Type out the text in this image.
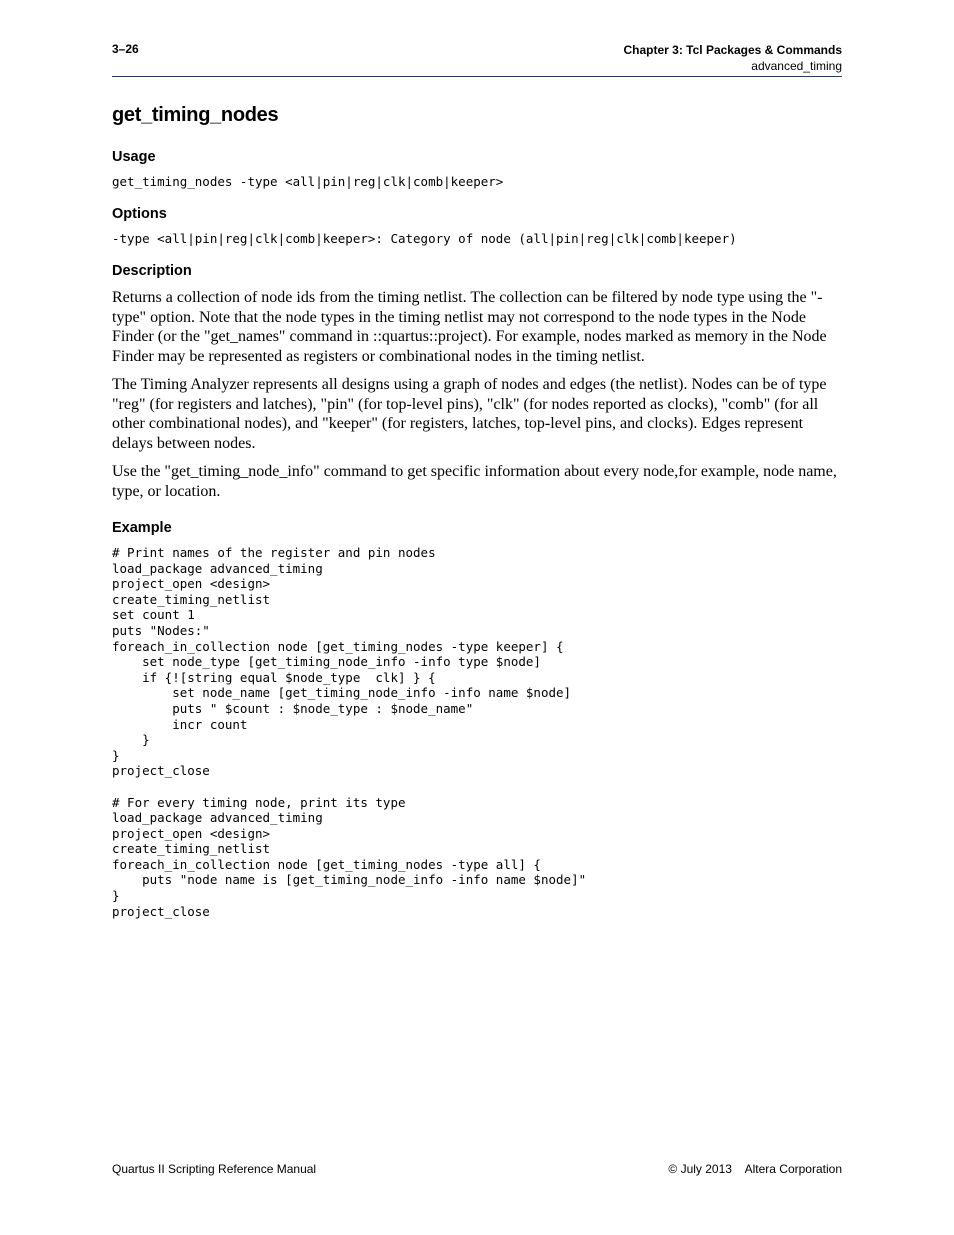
3–26	Chapter 3: Tcl Packages & Commands
advanced_timing
get_timing_nodes
Usage
get_timing_nodes -type <all|pin|reg|clk|comb|keeper>
Options
-type <all|pin|reg|clk|comb|keeper>: Category of node (all|pin|reg|clk|comb|keeper)
Description

Returns a collection of node ids from the timing netlist. The collection can be filtered by node type using the "-type" option. Note that the node types in the timing netlist may not correspond to the node types in the Node Finder (or the "get_names" command in ::quartus::project). For example, nodes marked as memory in the Node Finder may be represented as registers or combinational nodes in the timing netlist.

The Timing Analyzer represents all designs using a graph of nodes and edges (the netlist). Nodes can be of type "reg" (for registers and latches), "pin" (for top-level pins), "clk" (for nodes reported as clocks), "comb" (for all other combinational nodes), and "keeper" (for registers, latches, top-level pins, and clocks). Edges represent delays between nodes.

Use the "get_timing_node_info" command to get specific information about every node,for example, node name, type, or location.

Example
# Print names of the register and pin nodes
load_package advanced_timing
project_open <design>
create_timing_netlist
set count 1
puts "Nodes:"
foreach_in_collection node [get_timing_nodes -type keeper] {
set node_type [get_timing_node_info -info type $node]
if {![string equal $node_type  clk] } {
set node_name [get_timing_node_info -info name $node]
puts " $count : $node_type : $node_name"
incr count
}
}
project_close

# For every timing node, print its type
load_package advanced_timing
project_open <design>
create_timing_netlist
foreach_in_collection node [get_timing_nodes -type all] {
puts "node name is [get_timing_node_info -info name $node]"
}
project_close
Quartus II Scripting Reference Manual	© July 2013    Altera Corporation
